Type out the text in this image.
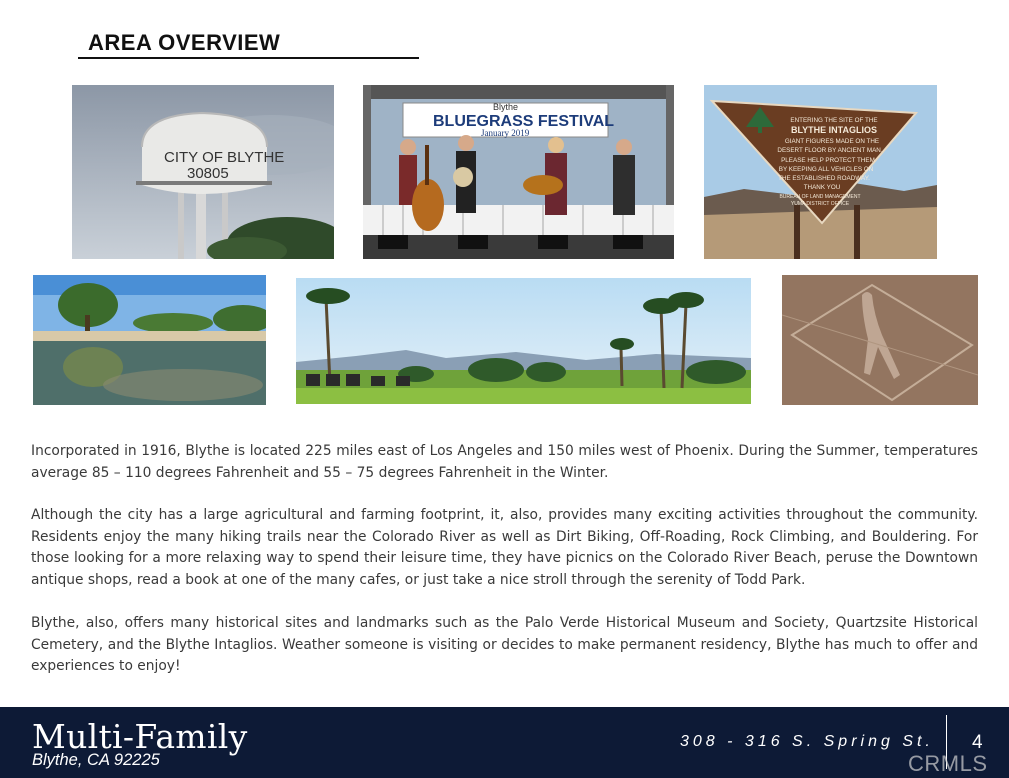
AREA OVERVIEW
CITY OF BLYTHE
30805
Blythe
BLUEGRASS FESTIVAL
January 2019
ENTERING THE SITE OF THE
BLYTHE INTAGLIOS
GIANT FIGURES MADE ON THE
DESERT FLOOR BY ANCIENT MAN.
PLEASE HELP PROTECT THEM
BY KEEPING ALL VEHICLES ON
THE ESTABLISHED ROADWAY.
THANK YOU
BUREAU OF LAND MANAGEMENT
YUMA DISTRICT OFFICE

Incorporated in 1916, Blythe is located 225 miles east of Los Angeles and 150 miles west of Phoenix. During the Summer, temperatures average 85 – 110 degrees Fahrenheit and 55 – 75 degrees Fahrenheit in the Winter.

Although the city has a large agricultural and farming footprint, it, also, provides many exciting activities throughout the community. Residents enjoy the many hiking trails near the Colorado River as well as Dirt Biking, Off-Roading, Rock Climbing, and Bouldering. For those looking for a more relaxing way to spend their leisure time, they have picnics on the Colorado River Beach, peruse the Downtown antique shops, read a book at one of the many cafes, or just take a nice stroll through the serenity of Todd Park.

Blythe, also, offers many historical sites and landmarks such as the Palo Verde Historical Museum and Society, Quartzsite Historical Cemetery, and the Blythe Intaglios. Weather someone is visiting or decides to make permanent residency, Blythe has much to offer and experiences to enjoy!

Multi-Family
Blythe, CA 92225
308 - 316 S. Spring St. 4
CRMLS
